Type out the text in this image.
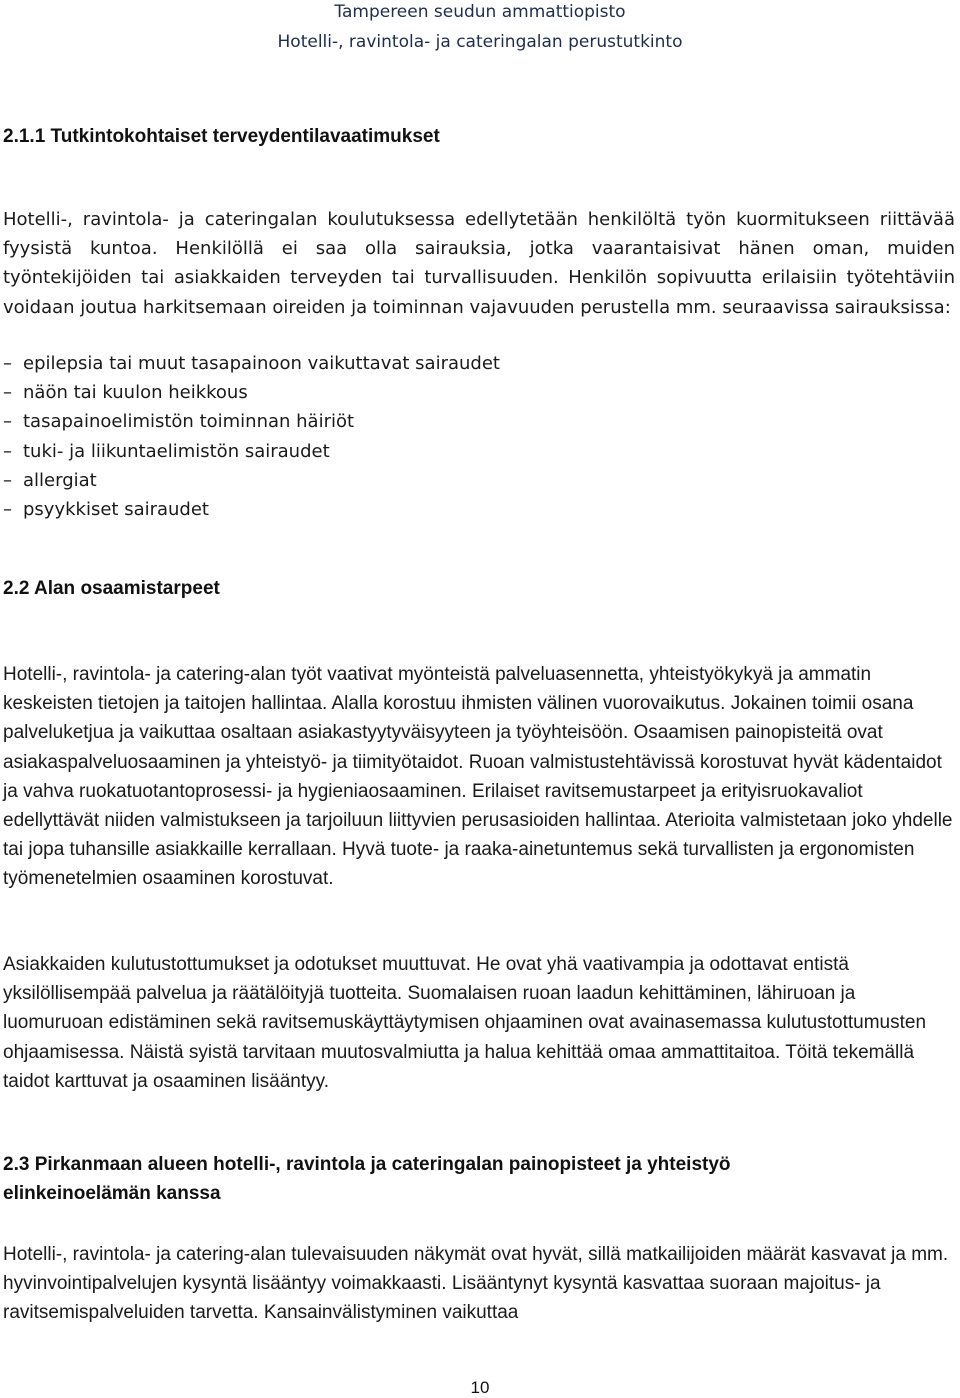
Tampereen seudun ammattiopisto
Hotelli-, ravintola- ja cateringalan perustutkinto
2.1.1 Tutkintokohtaiset terveydentilavaatimukset

Hotelli-, ravintola- ja cateringalan koulutuksessa edellytetään henkilöltä työn kuormitukseen riittävää fyysistä kuntoa. Henkilöllä ei saa olla sairauksia, jotka vaarantaisivat hänen oman, muiden työntekijöiden tai asiakkaiden terveyden tai turvallisuuden. Henkilön sopivuutta erilaisiin työtehtäviin voidaan joutua harkitsemaan oireiden ja toiminnan vajavuuden perustella mm. seuraavissa sairauksissa:

– epilepsia tai muut tasapainoon vaikuttavat sairaudet
– näön tai kuulon heikkous
– tasapainoelimistön toiminnan häiriöt
– tuki- ja liikuntaelimistön sairaudet
– allergiat
– psyykkiset sairaudet
2.2 Alan osaamistarpeet

Hotelli-, ravintola- ja catering-alan työt vaativat myönteistä palveluasennetta, yhteistyökykyä ja ammatin keskeisten tietojen ja taitojen hallintaa. Alalla korostuu ihmisten välinen vuorovaikutus. Jokainen toimii osana palveluketjua ja vaikuttaa osaltaan asiakastyytyväisyyteen ja työyhteisöön. Osaamisen painopisteitä ovat asiakaspalveluosaaminen ja yhteistyö- ja tiimityötaidot. Ruoan valmistustehtävissä korostuvat hyvät kädentaidot ja vahva ruokatuotantoprosessi- ja hygieniaosaaminen. Erilaiset ravitsemustarpeet ja erityisruokavaliot edellyttävät niiden valmistukseen ja tarjoiluun liittyvien perusasioiden hallintaa. Aterioita valmistetaan joko yhdelle tai jopa tuhansille asiakkaille kerrallaan. Hyvä tuote- ja raaka-ainetuntemus sekä turvallisten ja ergonomisten työmenetelmien osaaminen korostuvat.

Asiakkaiden kulutustottumukset ja odotukset muuttuvat. He ovat yhä vaativampia ja odottavat entistä yksilöllisempää palvelua ja räätälöityjä tuotteita. Suomalaisen ruoan laadun kehittäminen, lähiruoan ja luomuruoan edistäminen sekä ravitsemuskäyttäytymisen ohjaaminen ovat avainasemassa kulutustottumusten ohjaamisessa. Näistä syistä tarvitaan muutosvalmiutta ja halua kehittää omaa ammattitaitoa. Töitä tekemällä taidot karttuvat ja osaaminen lisääntyy.

2.3 Pirkanmaan alueen hotelli-, ravintola ja cateringalan painopisteet ja yhteistyö elinkeinoelämän kanssa

Hotelli-, ravintola- ja catering-alan tulevaisuuden näkymät ovat hyvät, sillä matkailijoiden määrät kasvavat ja mm. hyvinvointipalvelujen kysyntä lisääntyy voimakkaasti. Lisääntynyt kysyntä kasvattaa suoraan majoitus- ja ravitsemispalveluiden tarvetta. Kansainvälistyminen vaikuttaa

10
